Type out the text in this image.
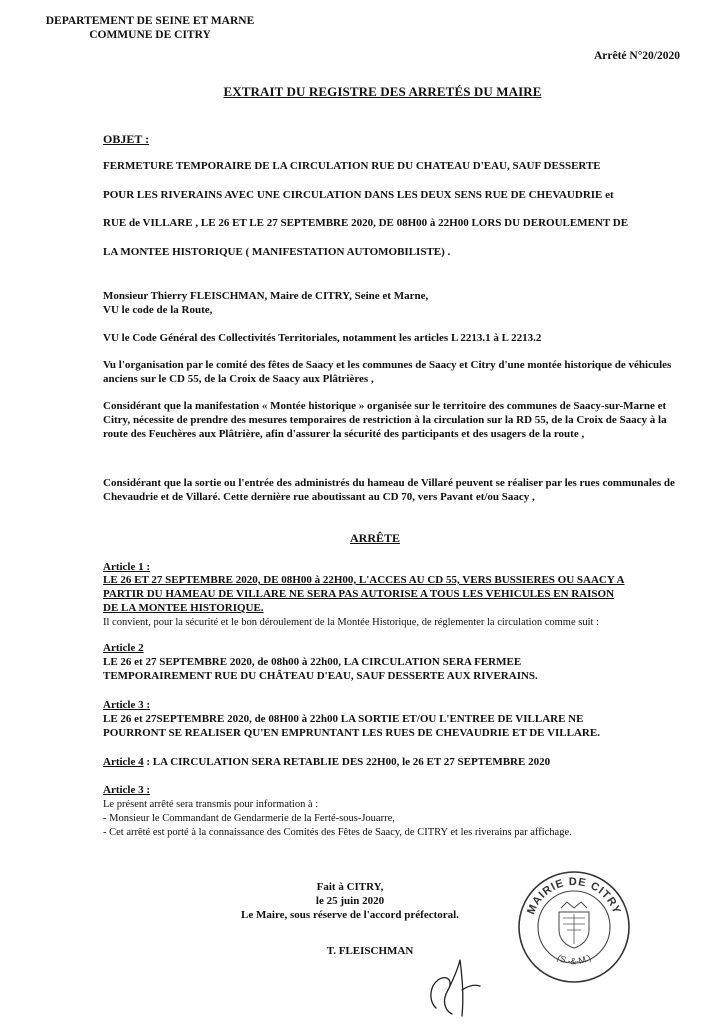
DEPARTEMENT DE SEINE ET MARNE
COMMUNE DE CITRY
Arrêté N°20/2020
EXTRAIT DU REGISTRE DES ARRETÉS DU MAIRE
OBJET :
FERMETURE TEMPORAIRE DE LA CIRCULATION RUE DU CHATEAU D'EAU, SAUF DESSERTE
POUR LES RIVERAINS AVEC UNE CIRCULATION DANS LES DEUX SENS RUE DE CHEVAUDRIE et
RUE de VILLARE , LE 26 ET LE 27 SEPTEMBRE 2020, DE 08H00 à 22H00 LORS DU DEROULEMENT DE
LA MONTEE HISTORIQUE ( MANIFESTATION AUTOMOBILISTE) .
Monsieur Thierry FLEISCHMAN, Maire de CITRY, Seine et Marne,
VU le code de la Route,
VU le Code Général des Collectivités Territoriales, notamment les articles L 2213.1 à L 2213.2
Vu l'organisation par le comité des fêtes de Saacy et les communes de Saacy et Citry d'une montée historique de véhicules anciens sur le CD 55, de la Croix de Saacy aux Plâtrières ,
Considérant que la manifestation « Montée historique » organisée sur le territoire des communes de Saacy-sur-Marne et Citry, nécessite de prendre des mesures temporaires de restriction à la circulation sur la RD 55, de la Croix de Saacy à la route des Feuchères aux Plâtrière, afin d'assurer la sécurité des participants et des usagers de la route ,
Considérant que la sortie ou l'entrée des administrés du hameau de Villaré peuvent se réaliser par les rues communales de Chevaudrie et de Villaré. Cette dernière rue aboutissant au CD 70, vers Pavant et/ou Saacy ,
ARRÊTE
Article 1 :
LE 26 ET 27 SEPTEMBRE 2020, DE 08H00 à 22H00, L'ACCES AU CD 55, VERS BUSSIERES OU SAACY A
PARTIR DU HAMEAU DE VILLARE NE SERA PAS AUTORISE A TOUS LES VEHICULES EN RAISON
DE LA MONTEE HISTORIQUE.
Il convient, pour la sécurité et le bon déroulement de la Montée Historique, de réglementer la circulation comme suit :
Article 2
LE 26 et 27 SEPTEMBRE 2020, de 08h00 à 22h00, LA CIRCULATION SERA FERMEE
TEMPORAIREMENT RUE DU CHÂTEAU D'EAU, SAUF DESSERTE AUX RIVERAINS.
Article 3 :
LE 26 et 27SEPTEMBRE 2020, de 08H00 à 22h00 LA SORTIE ET/OU L'ENTREE DE VILLARE NE
POURRONT SE REALISER QU'EN EMPRUNTANT LES RUES DE CHEVAUDRIE ET DE VILLARE.
Article 4 : LA CIRCULATION SERA RETABLIE DES 22H00, le 26 ET 27 SEPTEMBRE 2020
Article 3 :
Le présent arrêté sera transmis pour information à :
- Monsieur le Commandant de Gendarmerie de la Ferté-sous-Jouarre,
- Cet arrêté est porté à la connaissance des Comités des Fêtes de Saacy, de CITRY et les riverains par affichage.
Fait à CITRY,
le 25 juin 2020
Le Maire, sous réserve de l'accord préfectoral.
T. FLEISCHMAN
MAIRIE DE CITRY
(S.-&-M.)
